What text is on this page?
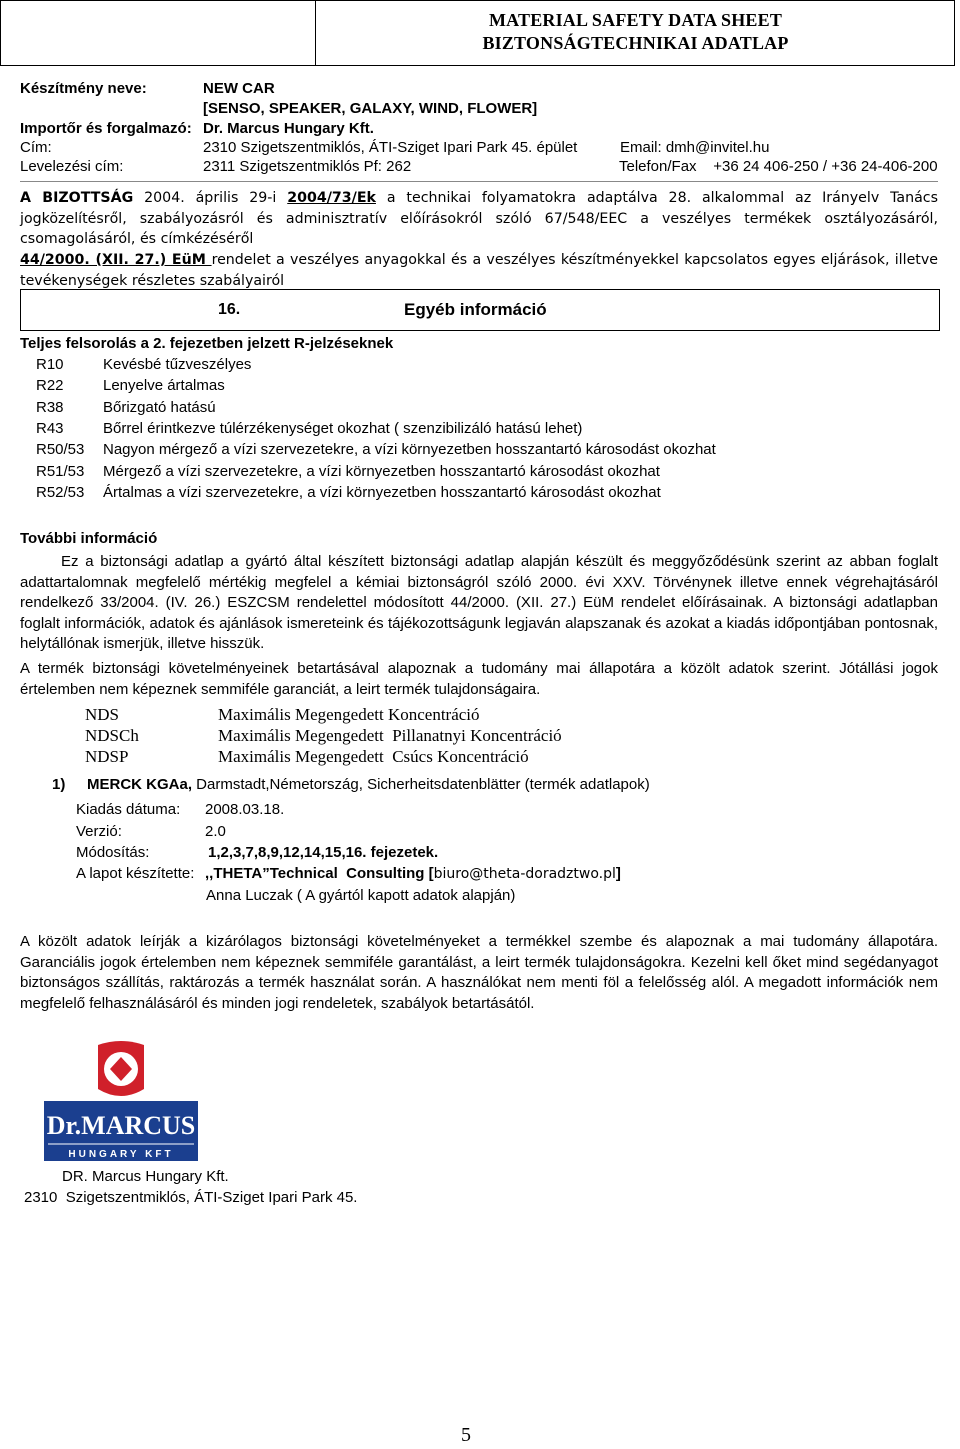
MATERIAL SAFETY DATA SHEET
BIZTONSÁGTECHNIKAI ADATLAP
Készítmény neve:	NEW CAR
[SENSO, SPEAKER, GALAXY, WIND, FLOWER]
Importőr és forgalmazó: Dr. Marcus Hungary Kft.
Cím:	2310 Szigetszentmiklós, ÁTI-Sziget Ipari Park 45. épület	Email: dmh@invitel.hu
Levelezési cím:	2311 Szigetszentmiklós Pf: 262	Telefon/Fax    +36 24 406-250 / +36 24-406-200
A BIZOTTSÁG 2004. április 29-i 2004/73/Ek a technikai folyamatokra adaptálva 28. alkalommal az Irányelv Tanács jogközelítésről, szabályozásról és adminisztratív előírásokról szóló 67/548/EEC a veszélyes termékek osztályozásáról, csomagolásáról, és címkézéséről
44/2000. (XII. 27.) EüM rendelet a veszélyes anyagokkal és a veszélyes készítményekkel kapcsolatos egyes eljárások, illetve tevékenységek részletes szabályairól
16.	Egyéb információ
Teljes felsorolás a 2. fejezetben jelzett R-jelzéseknek
R10	Kevésbé tűzveszélyes
R22	Lenyelve ártalmas
R38	Bőrizgató hatású
R43	Bőrrel érintkezve túlérzékenységet okozhat ( szenzibilizáló hatású lehet)
R50/53 Nagyon mérgező a vízi szervezetekre, a vízi környezetben hosszantartó károsodást okozhat
R51/53 Mérgező a vízi szervezetekre, a vízi környezetben hosszantartó károsodást okozhat
R52/53 Ártalmas a vízi szervezetekre, a vízi környezetben hosszantartó károsodást okozhat
További információ
Ez a biztonsági adatlap a gyártó által készített biztonsági adatlap alapján készült és meggyőződésünk szerint az abban foglalt adattartalomnak megfelelő mértékig megfelel a kémiai biztonságról szóló 2000. évi XXV. Törvénynek illetve ennek végrehajtásáról rendelkező 33/2004. (IV. 26.) ESZCSM rendelettel módosított 44/2000. (XII. 27.) EüM rendelet előírásainak. A biztonsági adatlapban foglalt információk, adatok és ajánlások ismereteink és tájékozottságunk legjaván alapszanak és azokat a kiadás időpontjában pontosnak, helytállónak ismerjük, illetve hisszük.
A termék biztonsági követelményeinek betartásával alapoznak a tudomány mai állapotára a közölt adatok szerint. Jótállási jogok értelemben nem képeznek semmiféle garanciát, a leirt termék tulajdonságaira.
NDS	Maximális Megengedett Koncentráció
NDSCh	Maximális Megengedett  Pillanatnyi Koncentráció
NDSP	Maximális Megengedett  Csúcs Koncentráció
1) MERCK KGAa, Darmstadt,Németország, Sicherheitsdatenblätter (termék adatlapok)
Kiadás dátuma: 2008.03.18.
Verzió:	2.0
Módosítás:	1,2,3,7,8,9,12,14,15,16. fejezetek.
A lapot készítette: ,,THETA”Technical  Consulting [biuro@theta-doradztwo.pl]
Anna Luczak ( A gyártól kapott adatok alapján)
A közölt adatok leírják a kizárólagos biztonsági követelményeket a termékkel szembe és alapoznak a mai tudomány állapotára. Garanciális jogok értelemben nem képeznek semmiféle garantálást, a leirt termék tulajdonságokra. Kezelni kell őket mind segédanyagot biztonságos szállítás, raktározás a termék használat során. A használókat nem menti föl a felelősség alól. A megadott információk nem megfelelő felhasználásáról és minden jogi rendeletek, szabályok betartásától.
Dr.MARCUS
HUNGARY KFT
DR. Marcus Hungary Kft.
2310  Szigetszentmiklós, ÁTI-Sziget Ipari Park 45.
5
